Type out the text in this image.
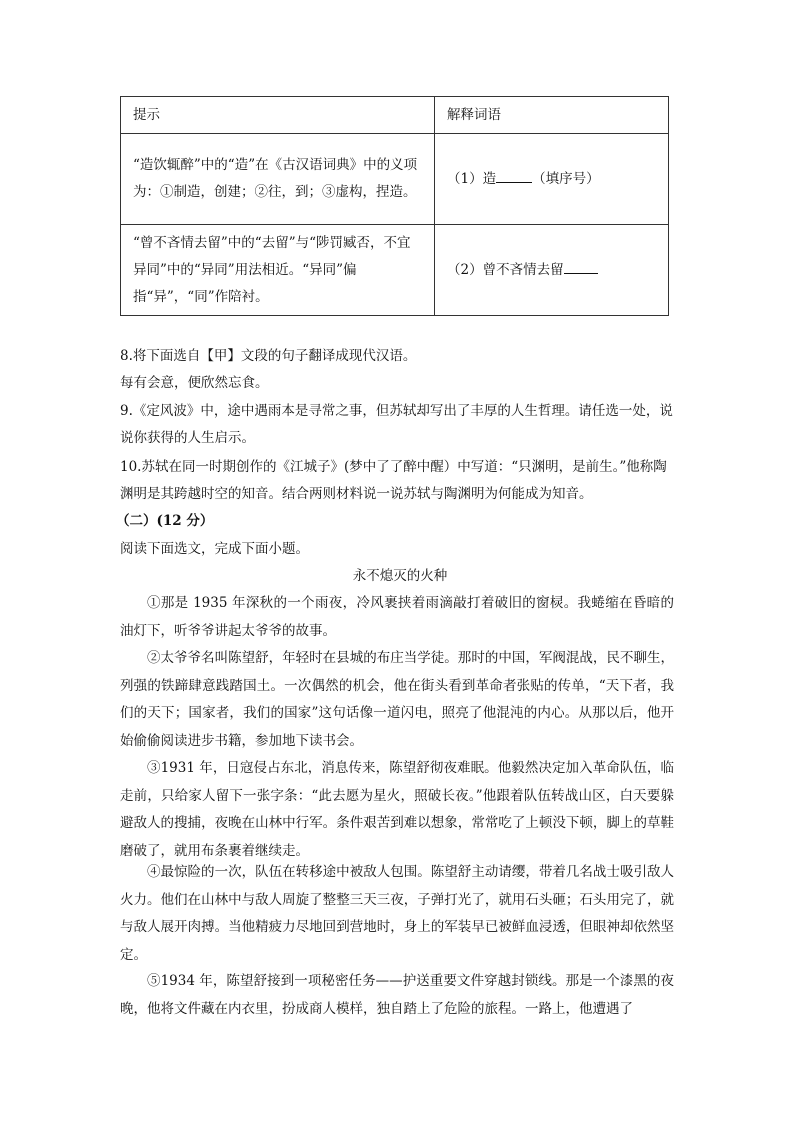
提示	解释词语
“造饮辄醉”中的“造”在《古汉语词典》中的义项为：①制造，创建；②往，到；③虚构，捏造。	（1）造 （填序号）
“曾不吝情去留”中的“去留”与“陟罚臧否，不宜异同”中的“异同”用法相近。“异同”偏指“异”，“同”作陪衬。	（2）曾不吝情去留
8.将下面选自【甲】文段的句子翻译成现代汉语。
每有会意，便欣然忘食。
9.《定风波》中，途中遇雨本是寻常之事，但苏轼却写出了丰厚的人生哲理。请任选一处，说说你获得的人生启示。
10.苏轼在同一时期创作的《江城子》(梦中了了醉中醒）中写道：“只渊明，是前生。”他称陶渊明是其跨越时空的知音。结合两则材料说一说苏轼与陶渊明为何能成为知音。
（二）(12 分）
阅读下面选文，完成下面小题。
永不熄灭的火种
①那是 1935 年深秋的一个雨夜，冷风裹挟着雨滴敲打着破旧的窗棂。我蜷缩在昏暗的油灯下，听爷爷讲起太爷爷的故事。
②太爷爷名叫陈望舒，年轻时在县城的布庄当学徒。那时的中国，军阀混战，民不聊生，列强的铁蹄肆意践踏国土。一次偶然的机会，他在街头看到革命者张贴的传单，“天下者，我们的天下；国家者，我们的国家”这句话像一道闪电，照亮了他混沌的内心。从那以后，他开始偷偷阅读进步书籍，参加地下读书会。
③1931 年，日寇侵占东北，消息传来，陈望舒彻夜难眠。他毅然决定加入革命队伍，临走前，只给家人留下一张字条：“此去愿为星火，照破长夜。”他跟着队伍转战山区，白天要躲避敌人的搜捕，夜晚在山林中行军。条件艰苦到难以想象，常常吃了上顿没下顿，脚上的草鞋磨破了，就用布条裹着继续走。
④最惊险的一次，队伍在转移途中被敌人包围。陈望舒主动请缨，带着几名战士吸引敌人火力。他们在山林中与敌人周旋了整整三天三夜，子弹打光了，就用石头砸；石头用完了，就与敌人展开肉搏。当他精疲力尽地回到营地时，身上的军装早已被鲜血浸透，但眼神却依然坚定。
⑤1934 年，陈望舒接到一项秘密任务——护送重要文件穿越封锁线。那是一个漆黑的夜晚，他将文件藏在内衣里，扮成商人模样，独自踏上了危险的旅程。一路上，他遭遇了
